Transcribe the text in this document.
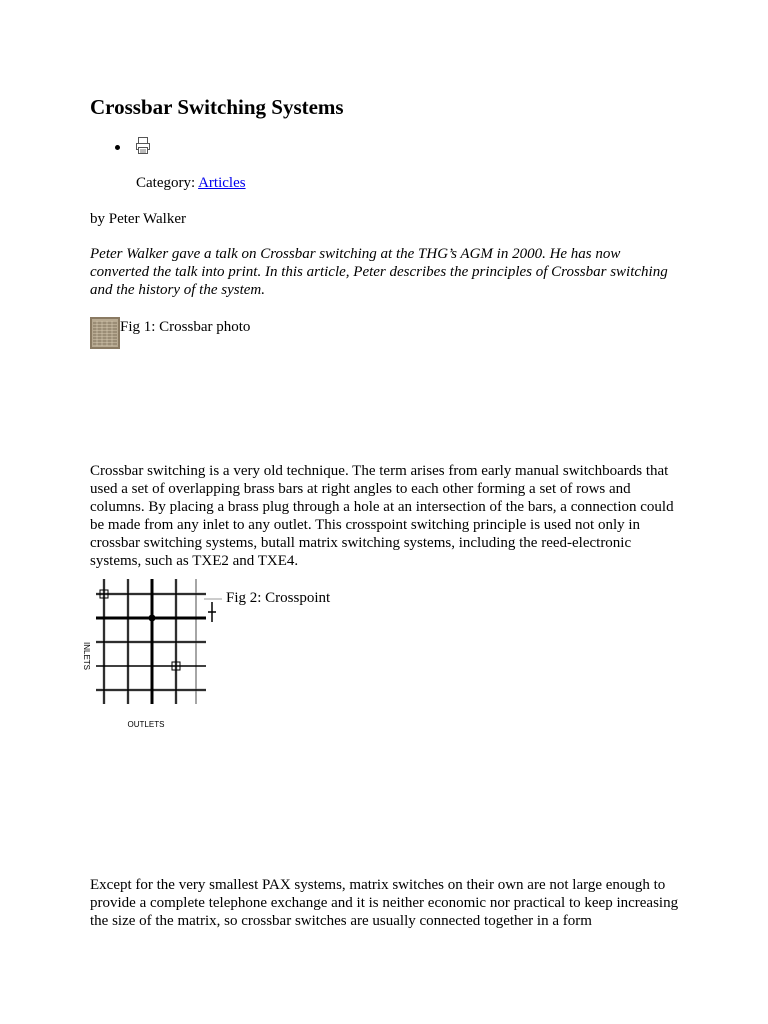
Crossbar Switching Systems
Category: Articles
by Peter Walker

Peter Walker gave a talk on Crossbar switching at the THG’s AGM in 2000. He has now converted the talk into print. In this article, Peter describes the principles of Crossbar switching and the history of the system.

Fig 1: Crossbar photo

Crossbar switching is a very old technique. The term arises from early manual switchboards that used a set of overlapping brass bars at right angles to each other forming a set of rows and columns. By placing a brass plug through a hole at an intersection of the bars, a connection could be made from any inlet to any outlet. This crosspoint switching principle is used not only in crossbar switching systems, butall matrix switching systems, including the reed-electronic systems, such as TXE2 and TXE4.

INLETS
OUTLETS
Fig 2: Crosspoint

Except for the very smallest PAX systems, matrix switches on their own are not large enough to provide a complete telephone exchange and it is neither economic nor practical to keep increasing the size of the matrix, so crossbar switches are usually connected together in a form
